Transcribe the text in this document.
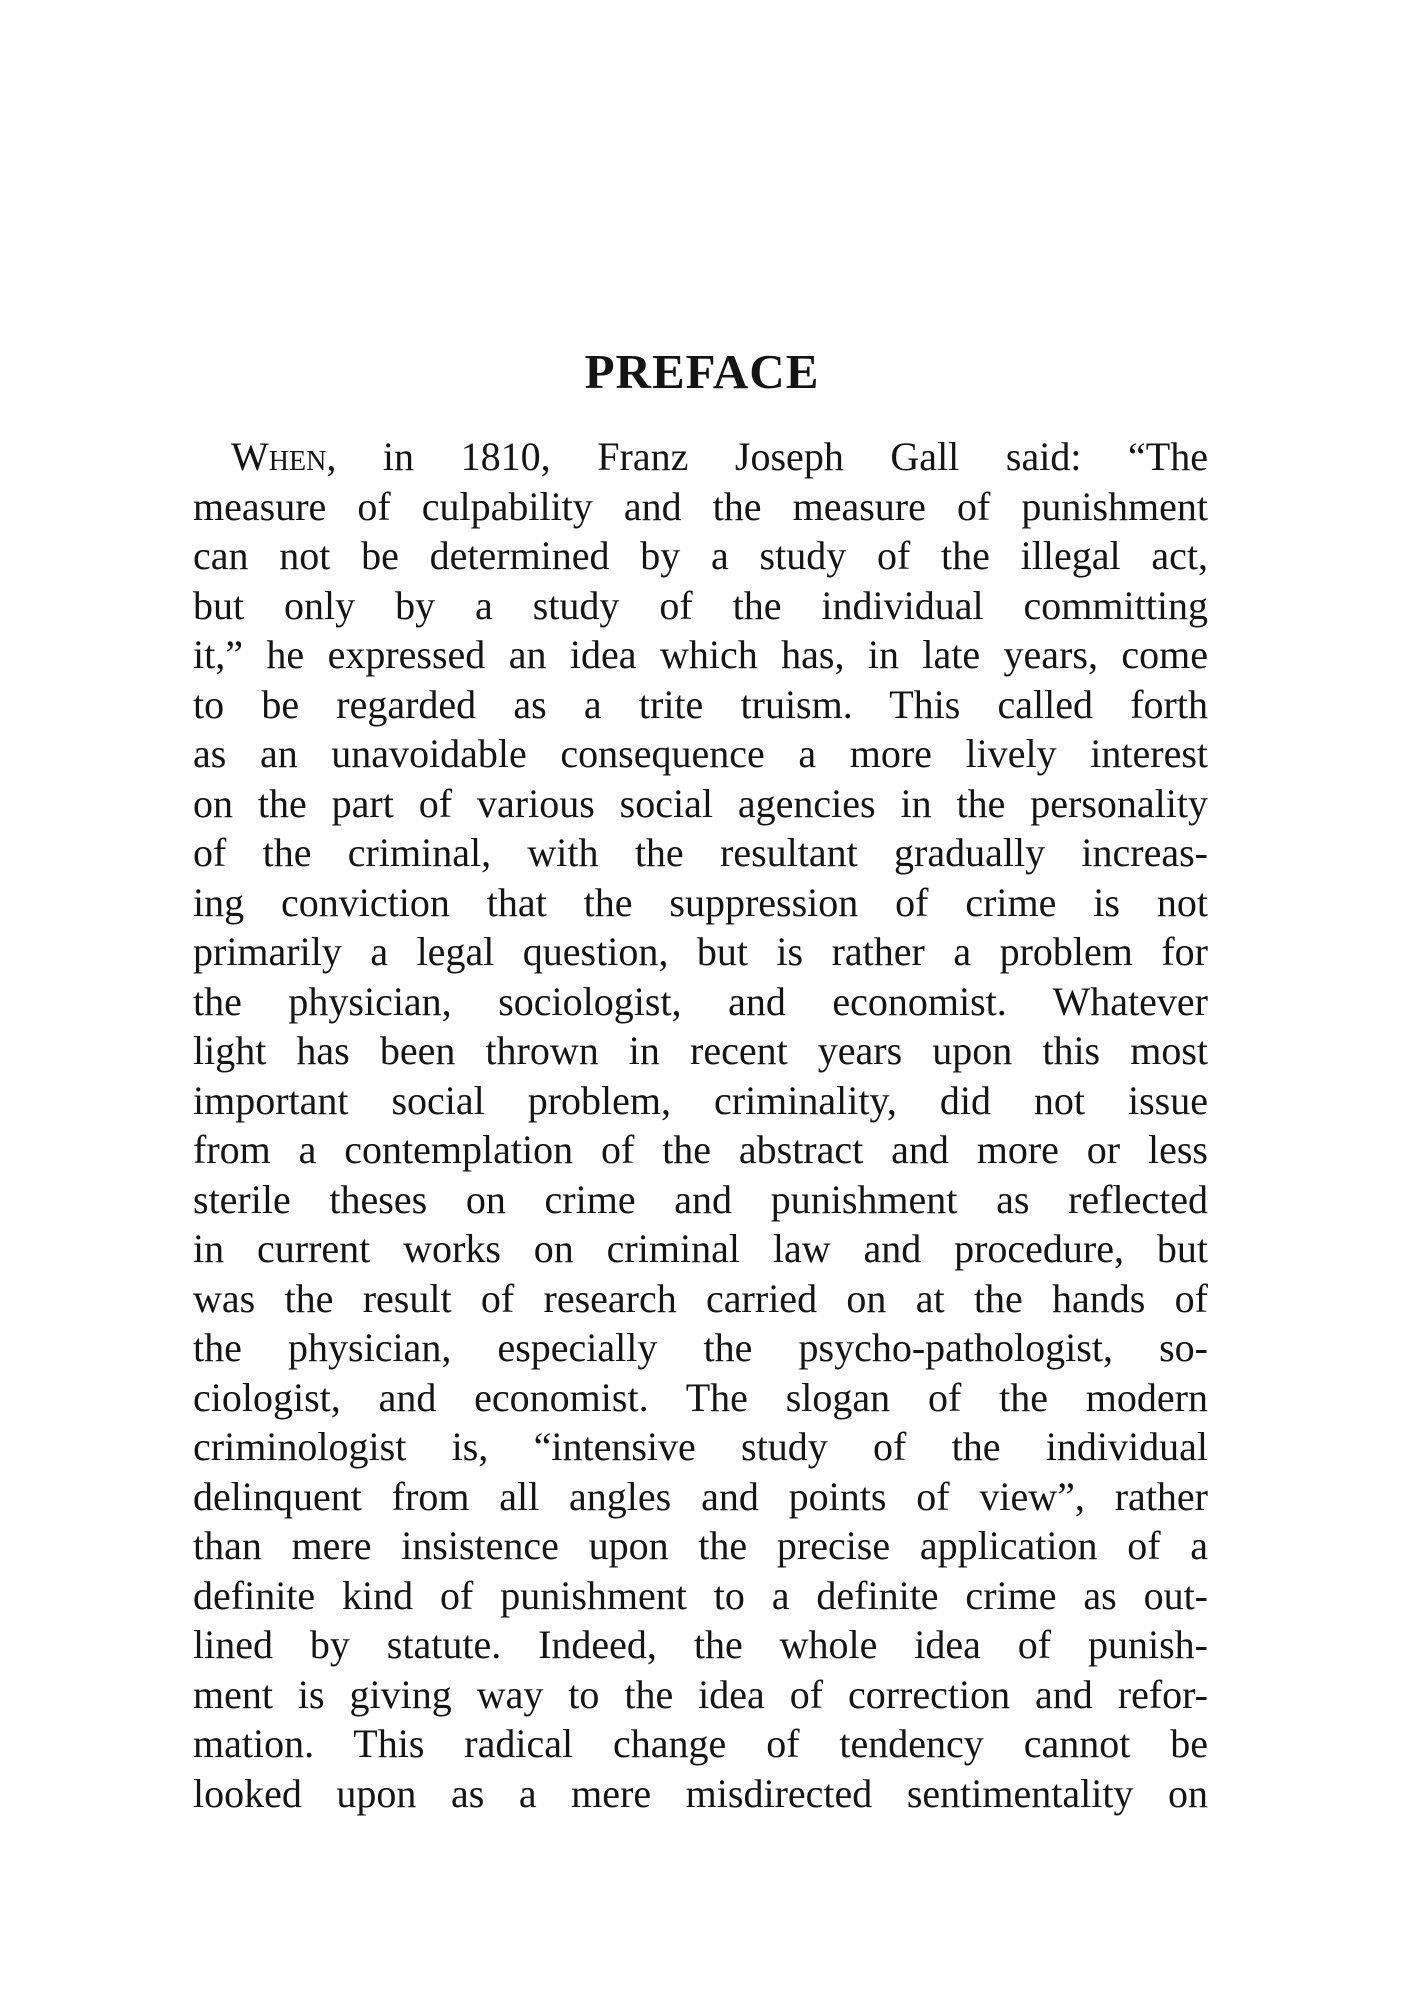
PREFACE
When, in 1810, Franz Joseph Gall said: “The
measure of culpability and the measure of punishment
can not be determined by a study of the illegal act,
but only by a study of the individual committing
it,” he expressed an idea which has, in late years, come
to be regarded as a trite truism. This called forth
as an unavoidable consequence a more lively interest
on the part of various social agencies in the personality
of the criminal, with the resultant gradually increas-
ing conviction that the suppression of crime is not
primarily a legal question, but is rather a problem for
the physician, sociologist, and economist. Whatever
light has been thrown in recent years upon this most
important social problem, criminality, did not issue
from a contemplation of the abstract and more or less
sterile theses on crime and punishment as reflected
in current works on criminal law and procedure, but
was the result of research carried on at the hands of
the physician, especially the psycho-pathologist, so-
ciologist, and economist. The slogan of the modern
criminologist is, “intensive study of the individual
delinquent from all angles and points of view”, rather
than mere insistence upon the precise application of a
definite kind of punishment to a definite crime as out-
lined by statute. Indeed, the whole idea of punish-
ment is giving way to the idea of correction and refor-
mation. This radical change of tendency cannot be
looked upon as a mere misdirected sentimentality on
